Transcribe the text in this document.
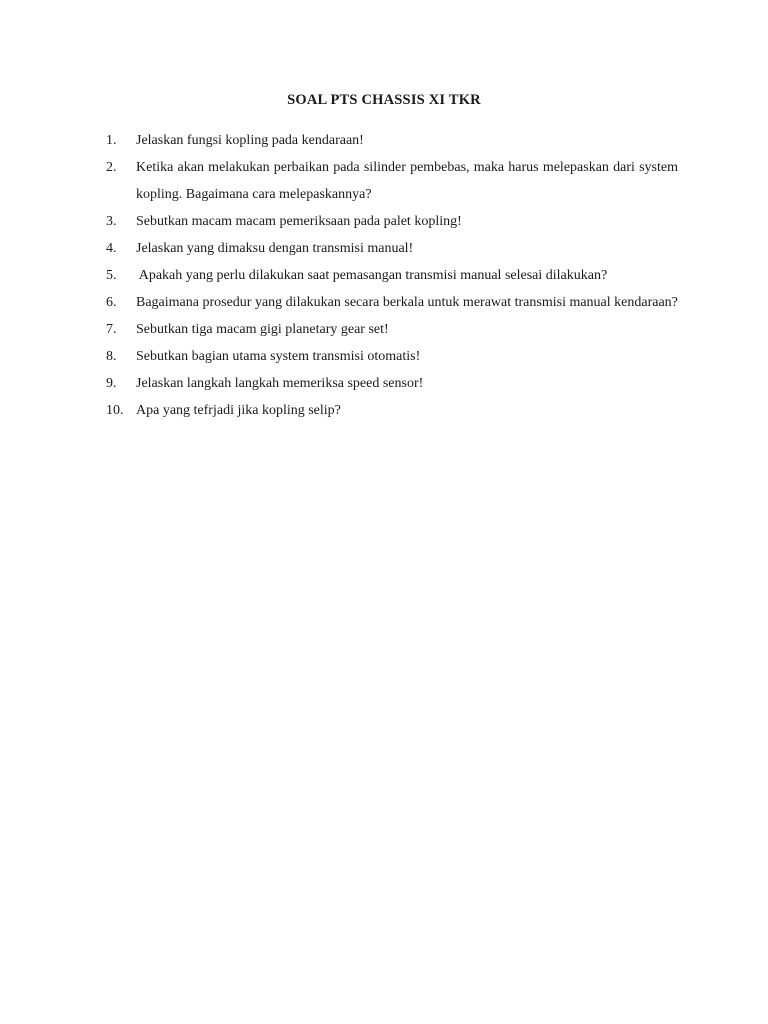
SOAL PTS CHASSIS XI TKR
1.	Jelaskan fungsi kopling pada kendaraan!
2.	Ketika akan melakukan perbaikan pada silinder pembebas, maka harus melepaskan dari system kopling. Bagaimana cara melepaskannya?
3.	Sebutkan macam macam pemeriksaan pada palet kopling!
4.	Jelaskan yang dimaksu dengan transmisi manual!
5.	Apakah yang perlu dilakukan saat pemasangan transmisi manual selesai dilakukan?
6.	Bagaimana prosedur yang dilakukan secara berkala untuk merawat transmisi manual kendaraan?
7.	Sebutkan tiga macam gigi planetary gear set!
8.	Sebutkan bagian utama system transmisi otomatis!
9.	Jelaskan langkah langkah memeriksa speed sensor!
10. Apa yang tefrjadi jika kopling selip?
